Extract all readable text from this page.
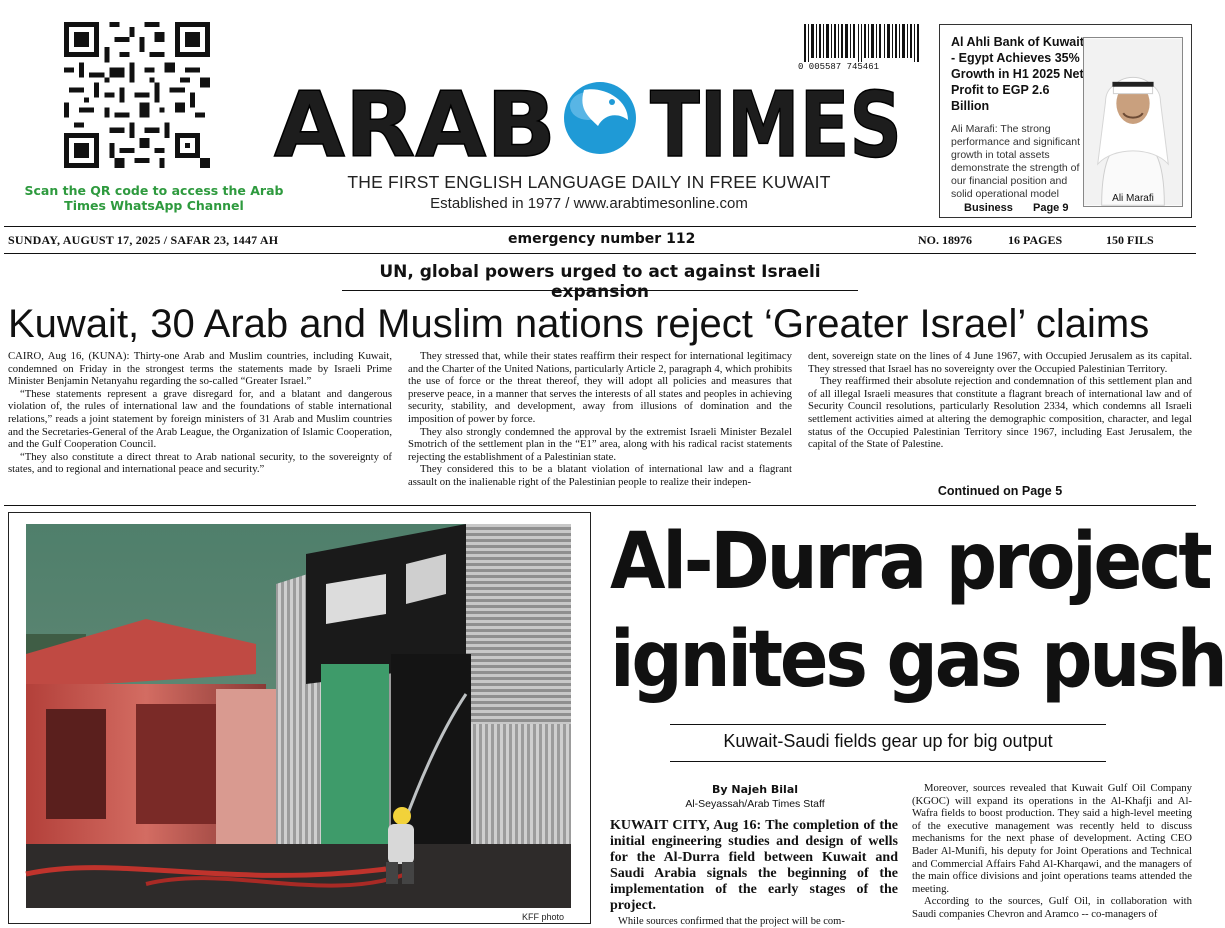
Scan the QR code to access the Arab Times WhatsApp Channel
0 005587 745461
ARAB TIMES
THE FIRST ENGLISH LANGUAGE DAILY IN FREE KUWAIT
Established in 1977 / www.arabtimesonline.com
Al Ahli Bank of Kuwait - Egypt Achieves 35% Growth in H1 2025 Net Profit to EGP 2.6 Billion
Ali Marafi: The strong performance and significant growth in total assets demonstrate the strength of our financial position and solid operational model	Ali Marafi
Business Page 9
SUNDAY, AUGUST 17, 2025 / SAFAR 23, 1447 AH	emergency number 112	NO. 18976	16 PAGES	150 FILS
UN, global powers urged to act against Israeli expansion
Kuwait, 30 Arab and Muslim nations reject ‘Greater Israel’ claims

CAIRO, Aug 16, (KUNA): Thirty-one Arab and Muslim countries, including Kuwait, condemned on Friday in the strongest terms the statements made by Israeli Prime Minister Benjamin Netanyahu regarding the so-called “Greater Israel.”

“These statements represent a grave disregard for, and a blatant and dangerous violation of, the rules of international law and the foundations of stable international relations,” reads a joint statement by foreign ministers of 31 Arab and Muslim countries and the Secretaries-General of the Arab League, the Organization of Islamic Cooperation, and the Gulf Cooperation Council.

“They also constitute a direct threat to Arab national security, to the sovereignty of states, and to regional and international peace and security.”

They stressed that, while their states reaffirm their respect for international legitimacy and the Charter of the United Nations, particularly Article 2, paragraph 4, which prohibits the use of force or the threat thereof, they will adopt all policies and measures that preserve peace, in a manner that serves the interests of all states and peoples in achieving security, stability, and development, away from illusions of domination and the imposition of power by force.

They also strongly condemned the approval by the extremist Israeli Minister Bezalel Smotrich of the settlement plan in the “E1” area, along with his radical racist statements rejecting the establishment of a Palestinian state.

They considered this to be a blatant violation of international law and a flagrant assault on the inalienable right of the Palestinian people to realize their indepen-

dent, sovereign state on the lines of 4 June 1967, with Occupied Jerusalem as its capital. They stressed that Israel has no sovereignty over the Occupied Palestinian Territory.

They reaffirmed their absolute rejection and condemnation of this settlement plan and of all illegal Israeli measures that constitute a flagrant breach of international law and of Security Council resolutions, particularly Resolution 2334, which condemns all Israeli settlement activities aimed at altering the demographic composition, character, and legal status of the Occupied Palestinian Territory since 1967, including East Jerusalem, the capital of the State of Palestine.

Continued on Page 5
KFF photo
Al-Durra project
ignites gas push
Kuwait-Saudi fields gear up for big output
By Najeh Bilal
Al-Seyassah/Arab Times Staff
KUWAIT CITY, Aug 16: The completion of the initial engineering studies and design of wells for the Al-Durra field between Kuwait and Saudi Arabia signals the beginning of the implementation of the early stages of the project.
While sources confirmed that the project will be com-

Moreover, sources revealed that Kuwait Gulf Oil Company (KGOC) will expand its operations in the Al-Khafji and Al-Wafra fields to boost production. They said a high-level meeting of the executive management was recently held to discuss mechanisms for the next phase of development. Acting CEO Bader Al-Munifi, his deputy for Joint Operations and Technical and Commercial Affairs Fahd Al-Kharqawi, and the managers of the main office divisions and joint operations teams attended the meeting.

According to the sources, Gulf Oil, in collaboration with Saudi companies Chevron and Aramco -- co-managers of
